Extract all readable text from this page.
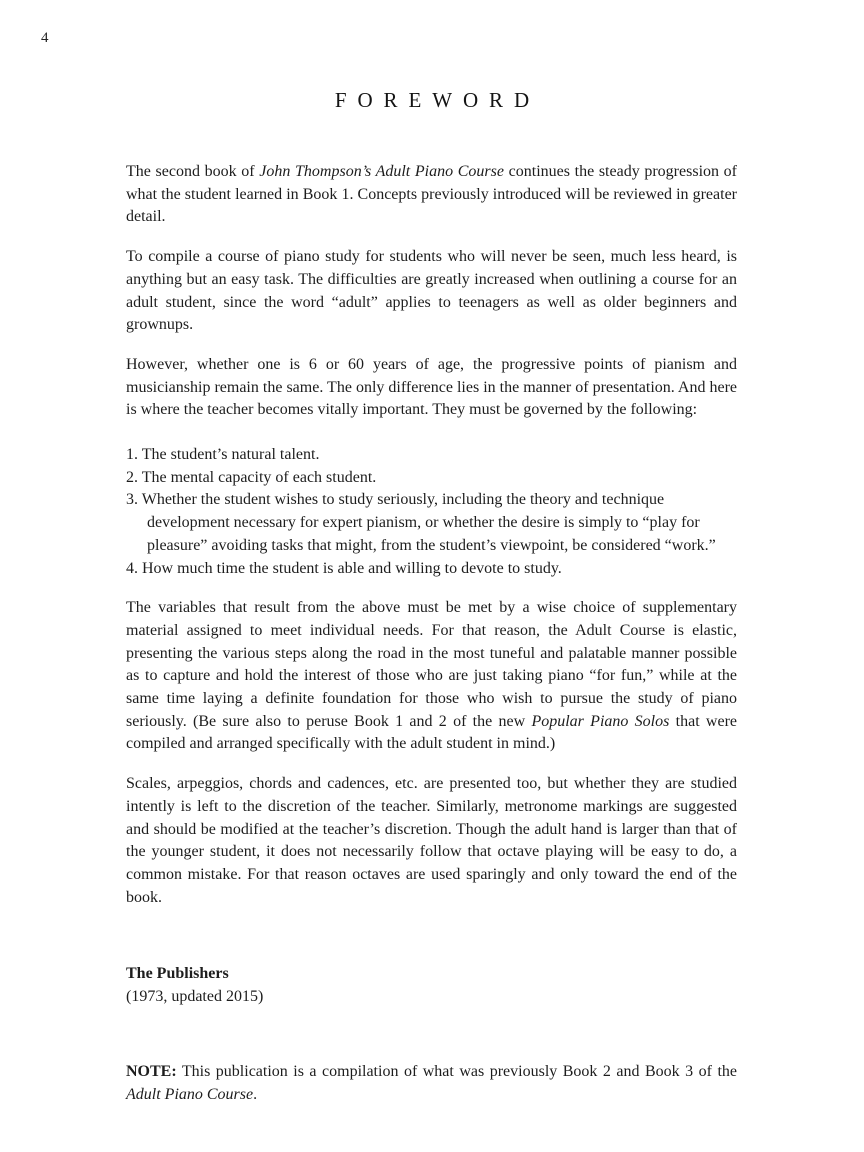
4
FOREWORD

The second book of John Thompson’s Adult Piano Course continues the steady progression of what the student learned in Book 1. Concepts previously introduced will be reviewed in greater detail.

To compile a course of piano study for students who will never be seen, much less heard, is anything but an easy task. The difficulties are greatly increased when outlining a course for an adult student, since the word “adult” applies to teenagers as well as older beginners and grownups.

However, whether one is 6 or 60 years of age, the progressive points of pianism and musicianship remain the same. The only difference lies in the manner of presentation. And here is where the teacher becomes vitally important. They must be governed by the following:

1. The student’s natural talent.
2. The mental capacity of each student.
3. Whether the student wishes to study seriously, including the theory and technique development necessary for expert pianism, or whether the desire is simply to “play for pleasure” avoiding tasks that might, from the student’s viewpoint, be considered “work.”
4. How much time the student is able and willing to devote to study.

The variables that result from the above must be met by a wise choice of supplementary material assigned to meet individual needs. For that reason, the Adult Course is elastic, presenting the various steps along the road in the most tuneful and palatable manner possible as to capture and hold the interest of those who are just taking piano “for fun,” while at the same time laying a definite foundation for those who wish to pursue the study of piano seriously. (Be sure also to peruse Book 1 and 2 of the new Popular Piano Solos that were compiled and arranged specifically with the adult student in mind.)

Scales, arpeggios, chords and cadences, etc. are presented too, but whether they are studied intently is left to the discretion of the teacher. Similarly, metronome markings are suggested and should be modified at the teacher’s discretion. Though the adult hand is larger than that of the younger student, it does not necessarily follow that octave playing will be easy to do, a common mistake. For that reason octaves are used sparingly and only toward the end of the book.

The Publishers
(1973, updated 2015)

NOTE: This publication is a compilation of what was previously Book 2 and Book 3 of the Adult Piano Course.
